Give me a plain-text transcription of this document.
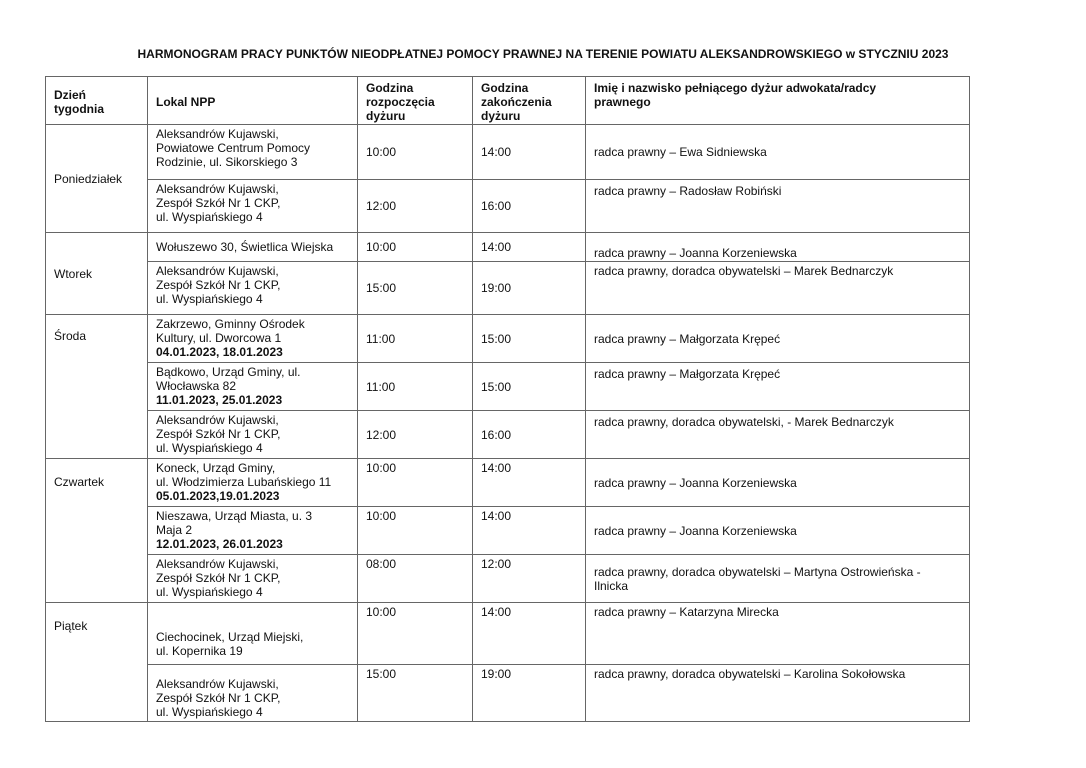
HARMONOGRAM PRACY PUNKTÓW NIEODPŁATNEJ POMOCY PRAWNEJ NA TERENIE POWIATU ALEKSANDROWSKIEGO w STYCZNIU 2023
Dzień
tygodnia	Lokal NPP	Godzina
rozpoczęcia
dyżuru	Godzina
zakończenia
dyżuru	Imię i nazwisko pełniącego dyżur adwokata/radcy
prawnego

Poniedziałek	Aleksandrów Kujawski,
Powiatowe Centrum Pomocy
Rodzinie, ul. Sikorskiego 3	10:00	14:00	radca prawny – Ewa Sidniewska

	Aleksandrów Kujawski,
Zespół Szkół Nr 1 CKP,
ul. Wyspiańskiego 4	12:00	16:00	radca prawny – Radosław Robiński
Wtorek	Wołuszewo 30, Świetlica Wiejska	10:00	14:00	radca prawny – Joanna Korzeniewska

	Aleksandrów Kujawski,
Zespół Szkół Nr 1 CKP,
ul. Wyspiańskiego 4	15:00	19:00	radca prawny, doradca obywatelski – Marek Bednarczyk
Środa	Zakrzewo, Gminny Ośrodek
Kultury, ul. Dworcowa 1
04.01.2023, 18.01.2023	11:00	15:00	radca prawny – Małgorzata Krępeć

	Bądkowo, Urząd Gminy, ul.
Włocławska 82
11.01.2023, 25.01.2023	11:00	15:00	radca prawny – Małgorzata Krępeć

	Aleksandrów Kujawski,
Zespół Szkół Nr 1 CKP,
ul. Wyspiańskiego 4	12:00	16:00	radca prawny, doradca obywatelski, - Marek Bednarczyk
Czwartek	Koneck, Urząd Gminy,
ul. Włodzimierza Lubańskiego 11
05.01.2023,19.01.2023	10:00	14:00	radca prawny – Joanna Korzeniewska

	Nieszawa, Urząd Miasta, u. 3
Maja 2
12.01.2023, 26.01.2023	10:00	14:00	radca prawny – Joanna Korzeniewska

	Aleksandrów Kujawski,
Zespół Szkół Nr 1 CKP,
ul. Wyspiańskiego 4	08:00	12:00	radca prawny, doradca obywatelski – Martyna Ostrowieńska -
Ilnicka

Piątek	Ciechocinek, Urząd Miejski,
ul. Kopernika 19	10:00	14:00	radca prawny – Katarzyna Mirecka

	Aleksandrów Kujawski,
Zespół Szkół Nr 1 CKP,
ul. Wyspiańskiego 4	15:00	19:00	radca prawny, doradca obywatelski – Karolina Sokołowska
